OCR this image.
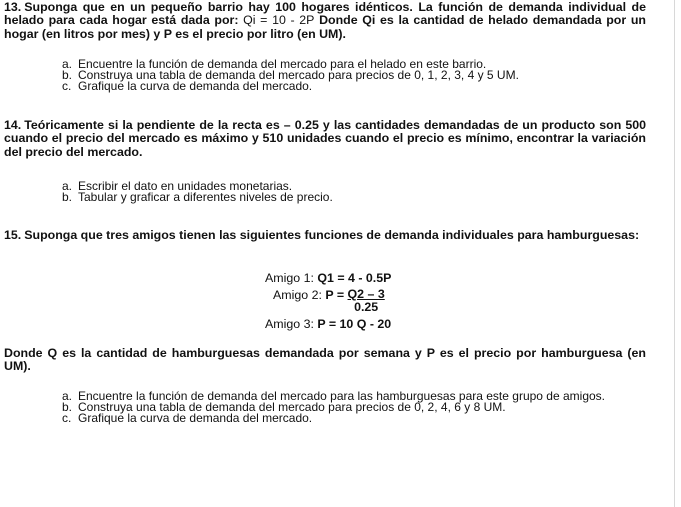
13. Suponga que en un pequeño barrio hay 100 hogares idénticos. La función de demanda individual de helado para cada hogar está dada por: Qi = 10 - 2P Donde Qi es la cantidad de helado demandada por un hogar (en litros por mes) y P es el precio por litro (en UM).
a. Encuentre la función de demanda del mercado para el helado en este barrio.
b. Construya una tabla de demanda del mercado para precios de 0, 1, 2, 3, 4 y 5 UM.
c. Grafique la curva de demanda del mercado.
14. Teóricamente si la pendiente de la recta es – 0.25 y las cantidades demandadas de un producto son 500 cuando el precio del mercado es máximo y 510 unidades cuando el precio es mínimo, encontrar la variación del precio del mercado.
a. Escribir el dato en unidades monetarias.
b. Tabular y graficar a diferentes niveles de precio.
15. Suponga que tres amigos tienen las siguientes funciones de demanda individuales para hamburguesas:
Amigo 1: Q1 = 4 - 0.5P
Amigo 2: $P = \frac{Q2 - 3}{0.25}$
Amigo 3: P = 10 Q - 20
Donde Q es la cantidad de hamburguesas demandada por semana y P es el precio por hamburguesa (en UM).
a. Encuentre la función de demanda del mercado para las hamburguesas para este grupo de amigos.
b. Construya una tabla de demanda del mercado para precios de 0, 2, 4, 6 y 8 UM.
c. Grafique la curva de demanda del mercado.
